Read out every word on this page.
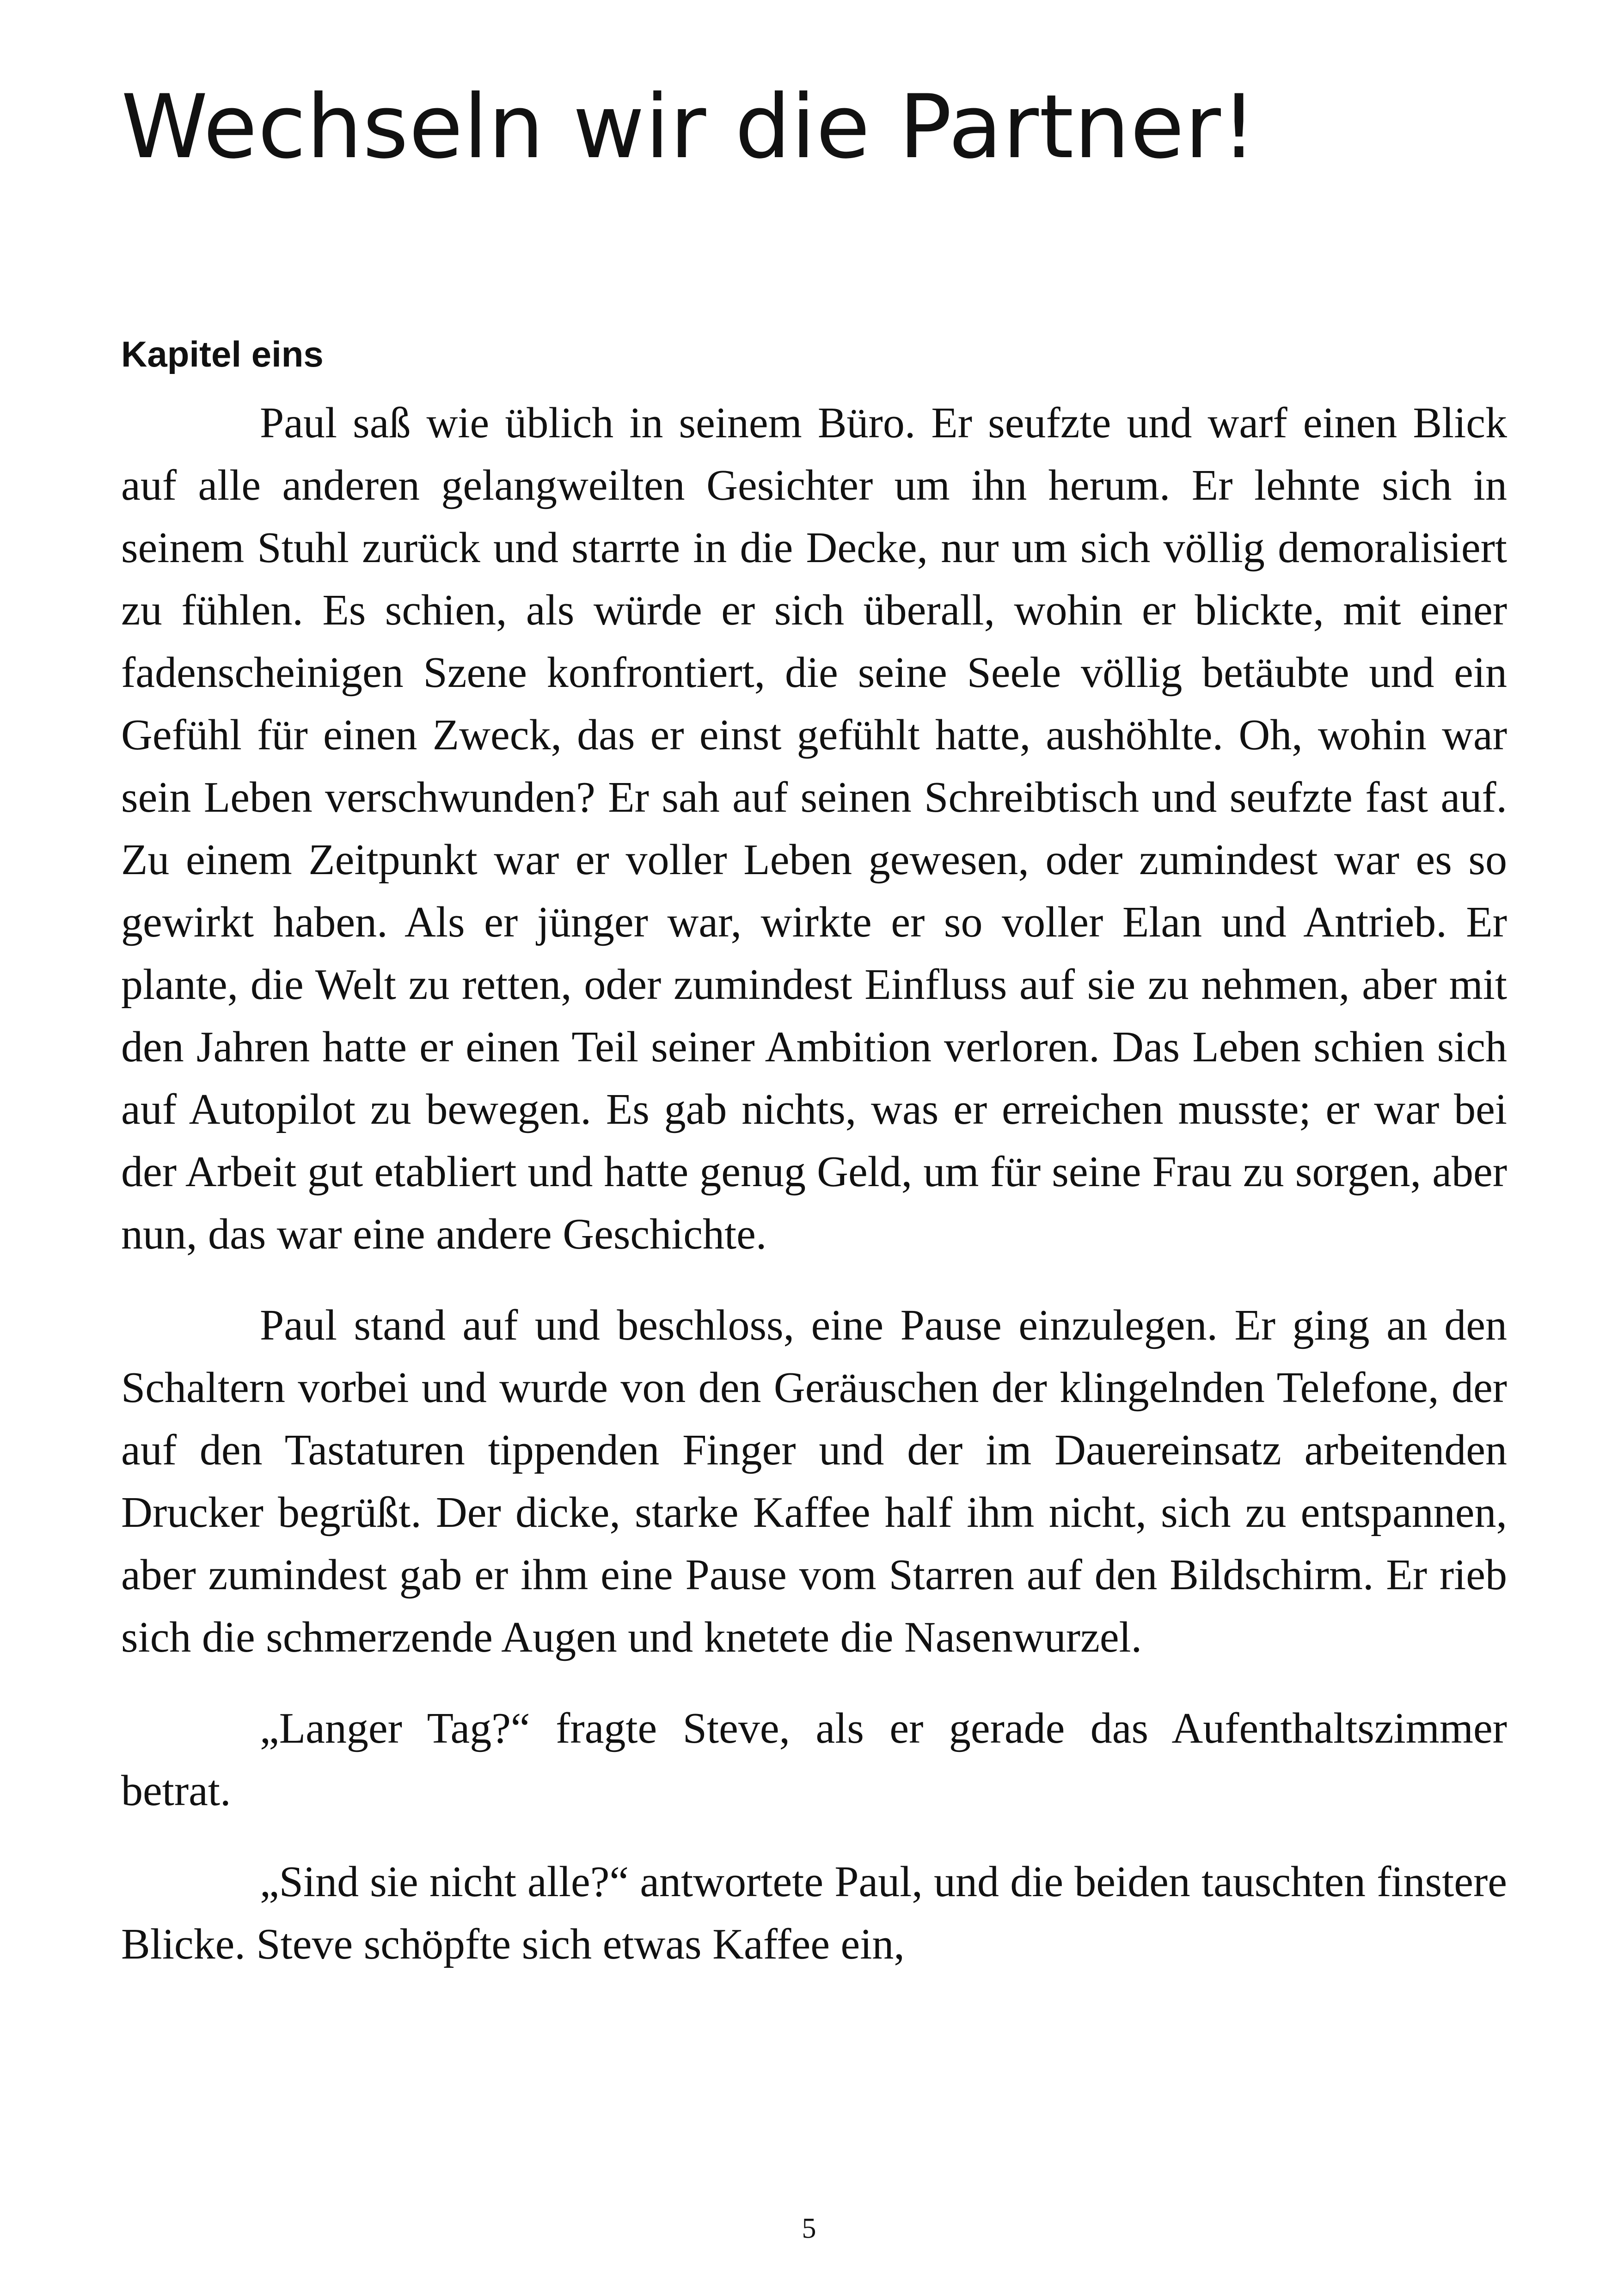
Wechseln wir die Partner!
Kapitel eins

Paul saß wie üblich in seinem Büro. Er seufzte und warf einen Blick auf alle anderen gelangweilten Gesichter um ihn herum. Er lehnte sich in seinem Stuhl zurück und starrte in die Decke, nur um sich völlig demoralisiert zu fühlen. Es schien, als würde er sich überall, wohin er blickte, mit einer fadenscheinigen Szene konfrontiert, die seine Seele völlig betäubte und ein Gefühl für einen Zweck, das er einst gefühlt hatte, aushöhlte. Oh, wohin war sein Leben verschwunden? Er sah auf seinen Schreibtisch und seufzte fast auf. Zu einem Zeitpunkt war er voller Leben gewesen, oder zumindest war es so gewirkt haben. Als er jünger war, wirkte er so voller Elan und Antrieb. Er plante, die Welt zu retten, oder zumindest Einfluss auf sie zu nehmen, aber mit den Jahren hatte er einen Teil seiner Ambition verloren. Das Leben schien sich auf Autopilot zu bewegen. Es gab nichts, was er erreichen musste; er war bei der Arbeit gut etabliert und hatte genug Geld, um für seine Frau zu sorgen, aber nun, das war eine andere Geschichte.

Paul stand auf und beschloss, eine Pause einzulegen. Er ging an den Schaltern vorbei und wurde von den Geräuschen der klingelnden Telefone, der auf den Tastaturen tippenden Finger und der im Dauereinsatz arbeitenden Drucker begrüßt. Der dicke, starke Kaffee half ihm nicht, sich zu entspannen, aber zumindest gab er ihm eine Pause vom Starren auf den Bildschirm. Er rieb sich die schmerzende Augen und knetete die Nasenwurzel.

„Langer Tag?“ fragte Steve, als er gerade das Aufenthaltszimmer betrat.

„Sind sie nicht alle?“ antwortete Paul, und die beiden tauschten finstere Blicke. Steve schöpfte sich etwas Kaffee ein,

5
